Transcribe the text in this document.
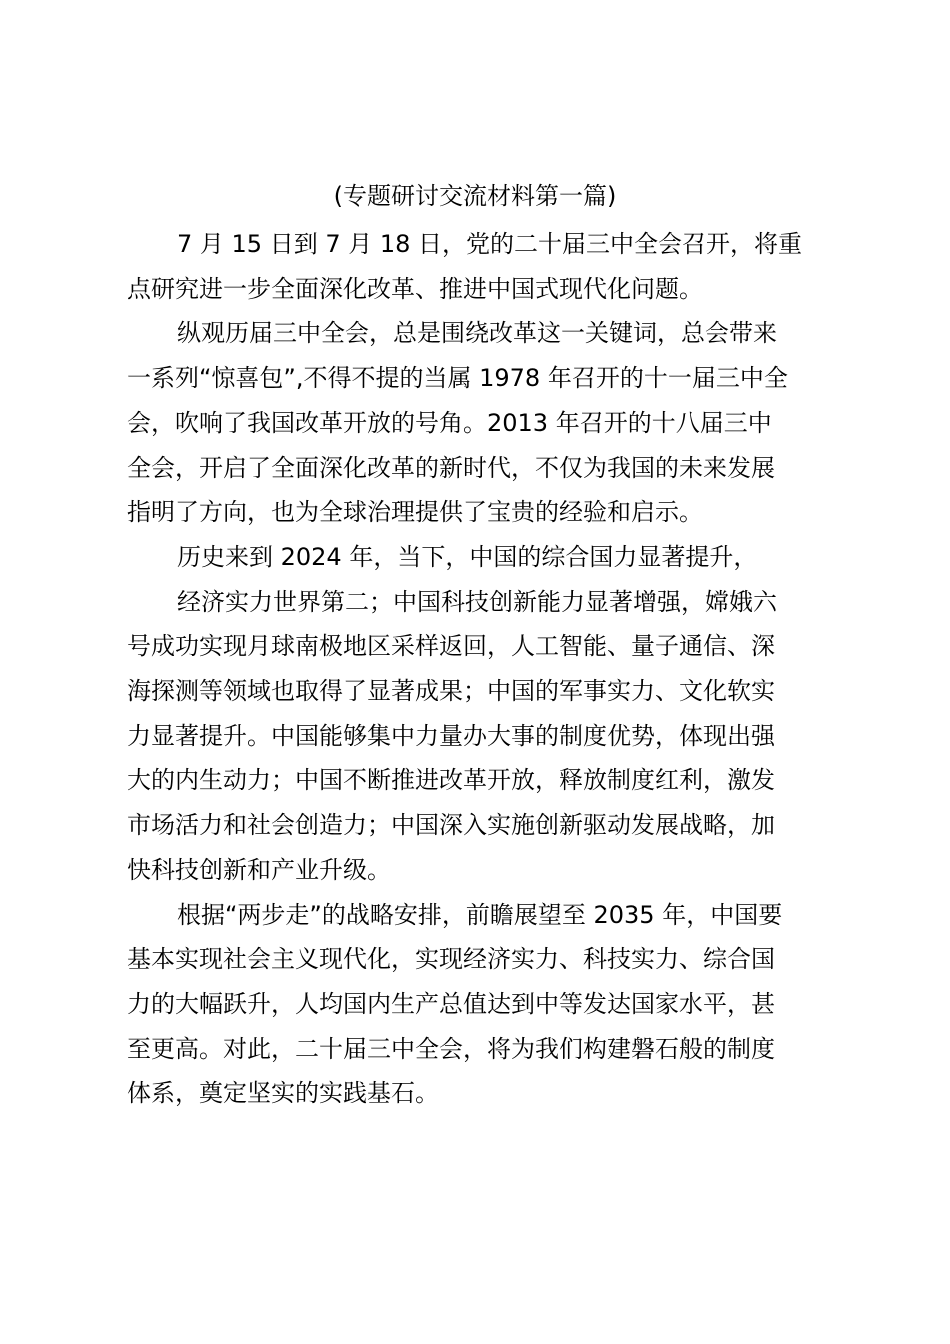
(专题研讨交流材料第一篇)

7 月 15 日到 7 月 18 日，党的二十届三中全会召开，将重
点研究进一步全面深化改革、推进中国式现代化问题。

纵观历届三中全会，总是围绕改革这一关键词，总会带来
一系列“惊喜包”,不得不提的当属 1978 年召开的十一届三中全
会，吹响了我国改革开放的号角。2013 年召开的十八届三中
全会，开启了全面深化改革的新时代，不仅为我国的未来发展
指明了方向，也为全球治理提供了宝贵的经验和启示。

历史来到 2024 年，当下，中国的综合国力显著提升，

经济实力世界第二；中国科技创新能力显著增强，嫦娥六
号成功实现月球南极地区采样返回，人工智能、量子通信、深
海探测等领域也取得了显著成果；中国的军事实力、文化软实
力显著提升。中国能够集中力量办大事的制度优势，体现出强
大的内生动力；中国不断推进改革开放，释放制度红利，激发
市场活力和社会创造力；中国深入实施创新驱动发展战略，加
快科技创新和产业升级。

根据“两步走”的战略安排，前瞻展望至 2035 年，中国要
基本实现社会主义现代化，实现经济实力、科技实力、综合国
力的大幅跃升，人均国内生产总值达到中等发达国家水平，甚
至更高。对此，二十届三中全会，将为我们构建磐石般的制度
体系，奠定坚实的实践基石。
